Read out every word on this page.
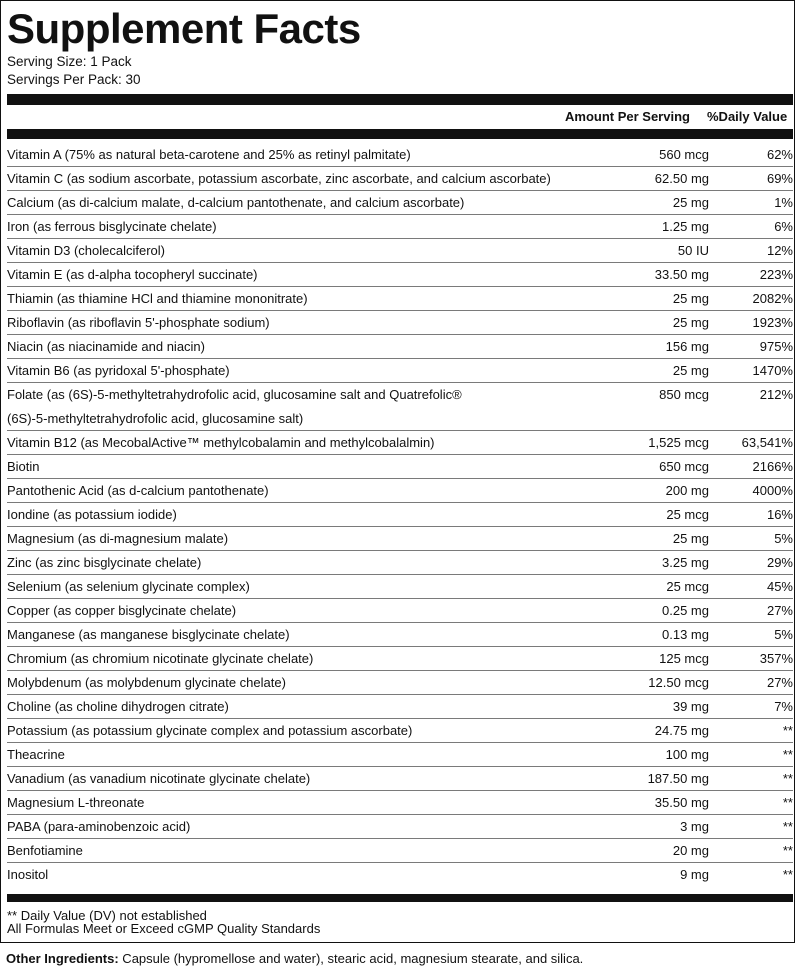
Supplement Facts
Serving Size: 1 Pack
Servings Per Pack: 30
Amount Per Serving %Daily Value
Vitamin A (75% as natural beta-carotene and 25% as retinyl palmitate)	560 mcg	62%
Vitamin C (as sodium ascorbate, potassium ascorbate, zinc ascorbate, and calcium ascorbate)	62.50 mg	69%
Calcium (as di-calcium malate, d-calcium pantothenate, and calcium ascorbate)	25 mg	1%
Iron (as ferrous bisglycinate chelate)	1.25 mg	6%
Vitamin D3 (cholecalciferol)	50 IU	12%
Vitamin E (as d-alpha tocopheryl succinate)	33.50 mg	223%
Thiamin (as thiamine HCl and thiamine mononitrate)	25 mg	2082%
Riboflavin (as riboflavin 5'-phosphate sodium)	25 mg	1923%
Niacin (as niacinamide and niacin)	156 mg	975%
Vitamin B6 (as pyridoxal 5'-phosphate)	25 mg	1470%
Folate (as (6S)-5-methyltetrahydrofolic acid, glucosamine salt and Quatrefolic®
(6S)-5-methyltetrahydrofolic acid, glucosamine salt)
850 mcg	212%
Vitamin B12 (as MecobalActive™ methylcobalamin and methylcobalalmin)	1,525 mcg	63,541%
Biotin	650 mcg	2166%
Pantothenic Acid (as d-calcium pantothenate)	200 mg	4000%
Iondine (as potassium iodide)	25 mcg	16%
Magnesium (as di-magnesium malate)	25 mg	5%
Zinc (as zinc bisglycinate chelate)	3.25 mg	29%
Selenium (as selenium glycinate complex)	25 mcg	45%
Copper (as copper bisglycinate chelate)	0.25 mg	27%
Manganese (as manganese bisglycinate chelate)	0.13 mg	5%
Chromium (as chromium nicotinate glycinate chelate)	125 mcg	357%
Molybdenum (as molybdenum glycinate chelate)	12.50 mcg	27%
Choline (as choline dihydrogen citrate)	39 mg	7%
Potassium (as potassium glycinate complex and potassium ascorbate)	24.75 mg	**
Theacrine	100 mg	**
Vanadium (as vanadium nicotinate glycinate chelate)	187.50 mg	**
Magnesium L-threonate	35.50 mg	**
PABA (para-aminobenzoic acid)	3 mg	**
Benfotiamine	20 mg	**
Inositol	9 mg	**
** Daily Value (DV) not established
All Formulas Meet or Exceed cGMP Quality Standards
Other Ingredients: Capsule (hypromellose and water), stearic acid, magnesium stearate, and silica.
